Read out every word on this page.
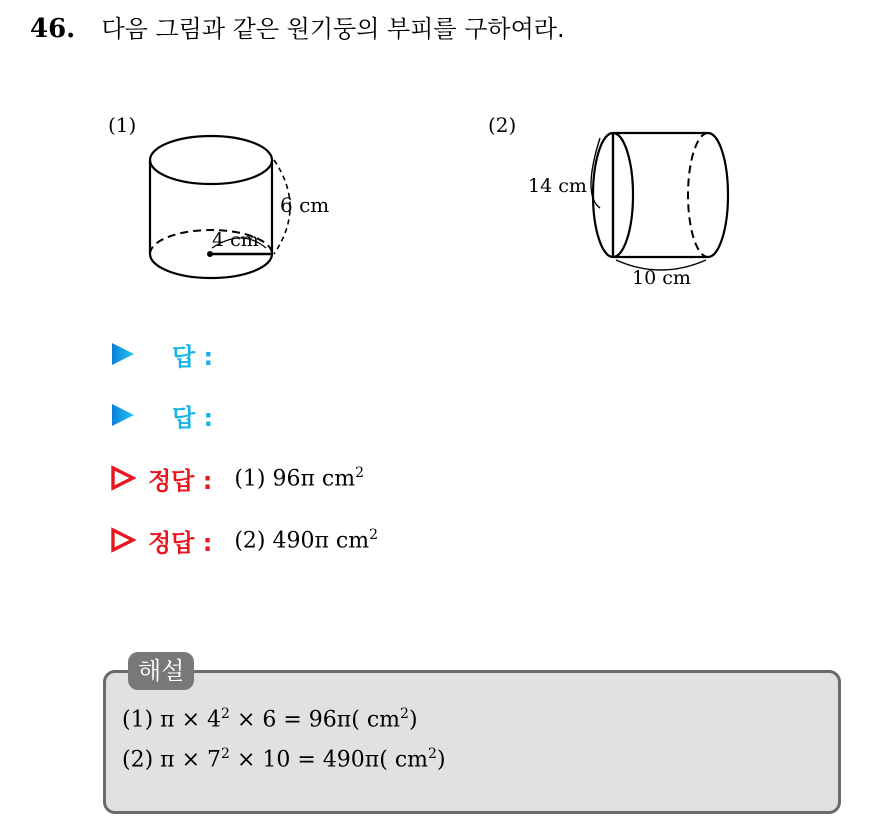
46. 다음 그림과 같은 원기둥의 부피를 구하여라.
(1)
6 cm
4 cm
(2)
14 cm
10 cm
답 :
답 :
정답 : (1) 96π $cm^2$
정답 : (2) 490π $cm^2$
해설
(1) $\pi \times 4^2 \times 6 = 96\pi$( $cm^2$)
(2) $\pi \times 7^2 \times 10 = 490\pi$( $cm^2$)
